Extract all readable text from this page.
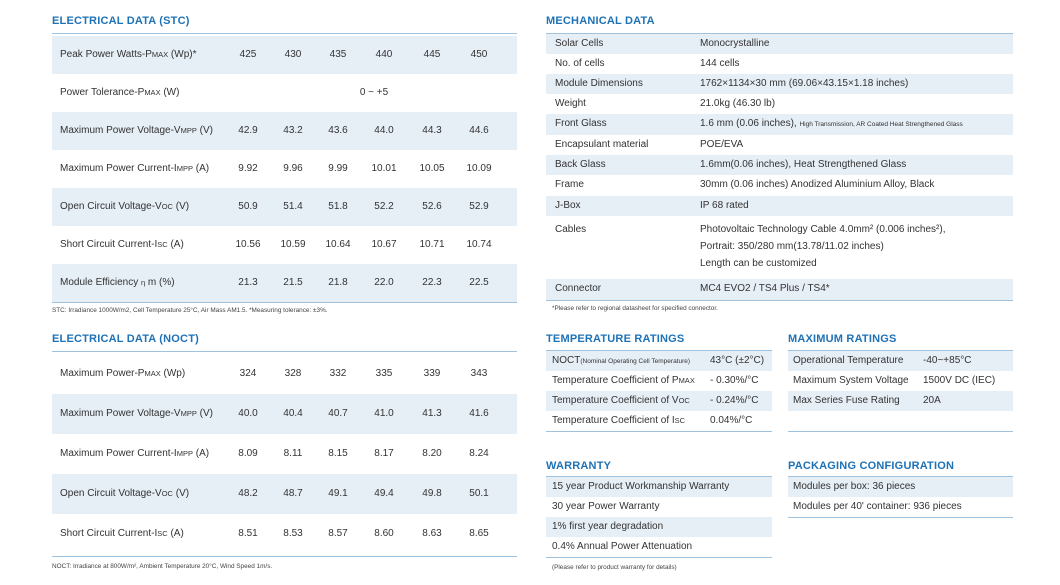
ELECTRICAL DATA (STC)
Peak Power Watts-PMAX (Wp)*	425	430	435	440	445	450
Power Tolerance-PMAX (W)	0 ~ +5
Maximum Power Voltage-VMPP (V)	42.9	43.2	43.6	44.0	44.3	44.6
Maximum Power Current-IMPP (A)	9.92	9.96	9.99	10.01	10.05	10.09
Open Circuit Voltage-VOC (V)	50.9	51.4	51.8	52.2	52.6	52.9
Short Circuit Current-ISC (A)	10.56	10.59	10.64	10.67	10.71	10.74
Module Efficiency η m (%)	21.3	21.5	21.8	22.0	22.3	22.5
STC: Irradiance 1000W/m2, Cell Temperature 25°C, Air Mass AM1.5. *Measuring tolerance: ±3%.
ELECTRICAL DATA (NOCT)
Maximum Power-PMAX (Wp)	324	328	332	335	339	343
Maximum Power Voltage-VMPP (V)	40.0	40.4	40.7	41.0	41.3	41.6
Maximum Power Current-IMPP (A)	8.09	8.11	8.15	8.17	8.20	8.24
Open Circuit Voltage-VOC (V)	48.2	48.7	49.1	49.4	49.8	50.1
Short Circuit Current-ISC (A)	8.51	8.53	8.57	8.60	8.63	8.65
NOCT: Irradiance at 800W/m², Ambient Temperature 20°C, Wind Speed 1m/s.
MECHANICAL DATA
Solar Cells	Monocrystalline
No. of cells	144 cells
Module Dimensions	1762×1134×30 mm (69.06×43.15×1.18 inches)
Weight	21.0kg (46.30 lb)
Front Glass	1.6 mm (0.06 inches), High Transmission, AR Coated Heat Strengthened Glass
Encapsulant material	POE/EVA
Back Glass	1.6mm(0.06 inches), Heat Strengthened Glass
Frame	30mm (0.06 inches) Anodized Aluminium Alloy, Black
J-Box	IP 68 rated
Cables	Photovoltaic Technology Cable 4.0mm² (0.006 inches²),
Portrait: 350/280 mm(13.78/11.02 inches)
Length can be customized
Connector	MC4 EVO2 / TS4 Plus / TS4*
*Please refer to regional datasheet for specified connector.
TEMPERATURE RATINGS
NOCT(Nominal Operating Cell Temperature) 43°C (±2°C)
Temperature Coefficient of PMAX - 0.30%/°C
Temperature Coefficient of VOC - 0.24%/°C
Temperature Coefficient of ISC 0.04%/°C
MAXIMUM RATINGS
Operational Temperature -40~+85°C
Maximum System Voltage 1500V DC (IEC)
Max Series Fuse Rating 20A
WARRANTY
15 year Product Workmanship Warranty
30 year Power Warranty
1% first year degradation
0.4% Annual Power Attenuation
(Please refer to product warranty for details)
PACKAGING CONFIGURATION
Modules per box: 36 pieces
Modules per 40' container: 936 pieces
